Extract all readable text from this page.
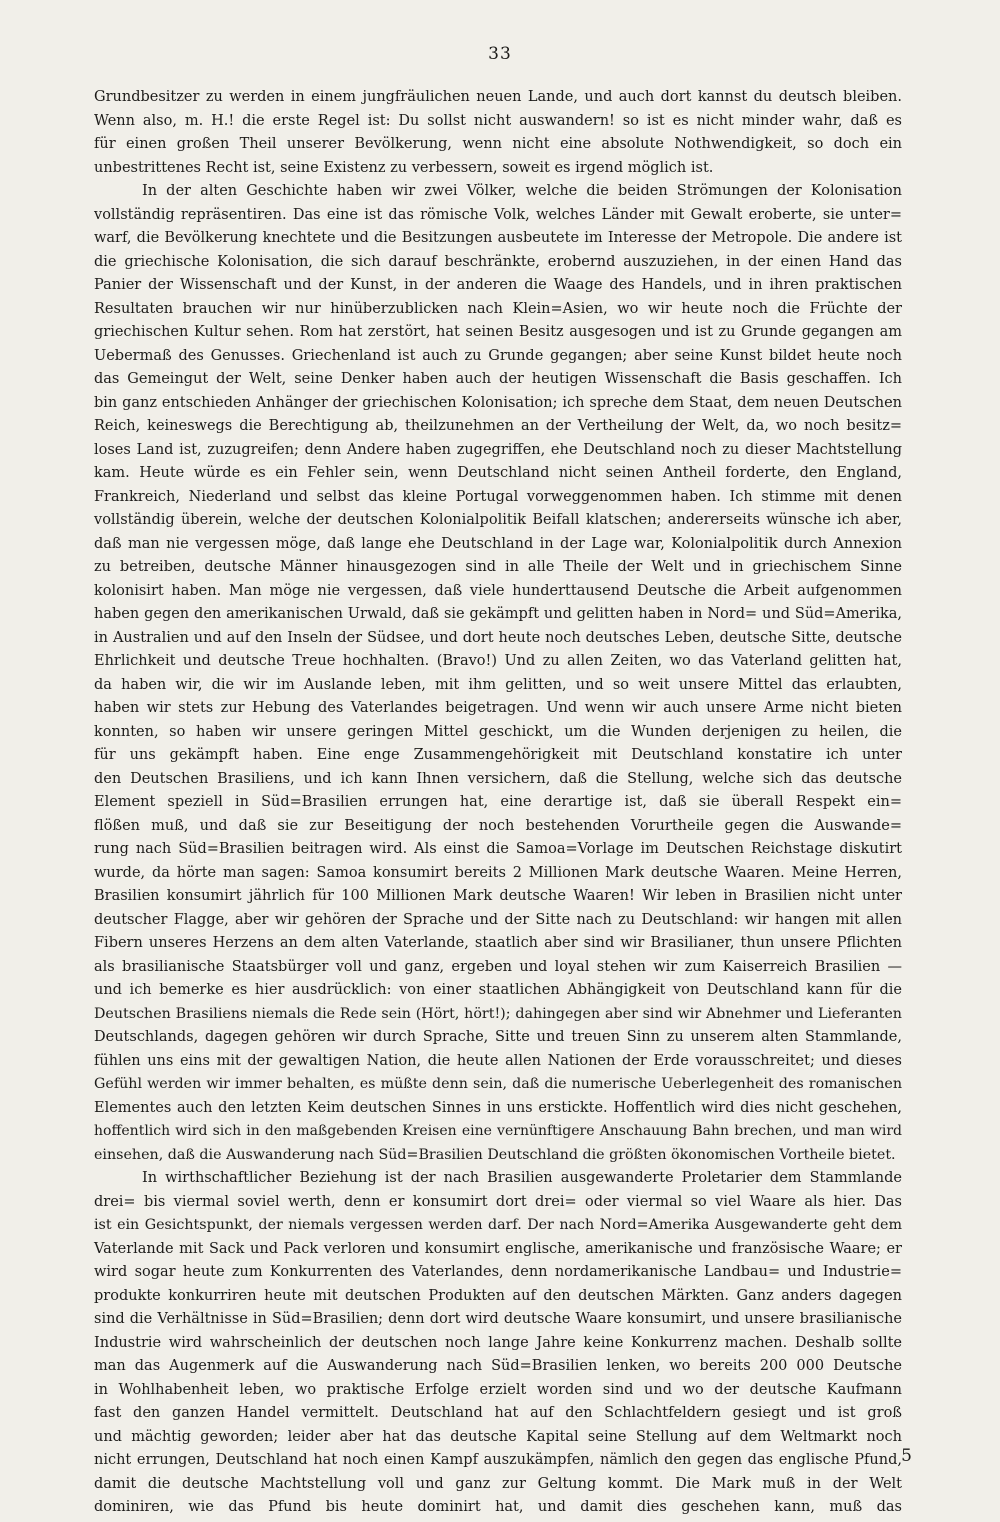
33
Grundbesitzer zu werden in einem jungfräulichen neuen Lande, und auch dort kannst du deutsch bleiben.
Wenn also, m. H.! die erste Regel ist: Du sollst nicht auswandern! so ist es nicht minder wahr, daß es
für einen großen Theil unserer Bevölkerung, wenn nicht eine absolute Nothwendigkeit, so doch ein
unbestrittenes Recht ist, seine Existenz zu verbessern, soweit es irgend möglich ist.
In der alten Geschichte haben wir zwei Völker, welche die beiden Strömungen der Kolonisation
vollständig repräsentiren. Das eine ist das römische Volk, welches Länder mit Gewalt eroberte, sie unter=
warf, die Bevölkerung knechtete und die Besitzungen ausbeutete im Interesse der Metropole. Die andere ist
die griechische Kolonisation, die sich darauf beschränkte, erobernd auszuziehen, in der einen Hand das
Panier der Wissenschaft und der Kunst, in der anderen die Waage des Handels, und in ihren praktischen
Resultaten brauchen wir nur hinüberzublicken nach Klein=Asien, wo wir heute noch die Früchte der
griechischen Kultur sehen. Rom hat zerstört, hat seinen Besitz ausgesogen und ist zu Grunde gegangen am
Uebermaß des Genusses. Griechenland ist auch zu Grunde gegangen; aber seine Kunst bildet heute noch
das Gemeingut der Welt, seine Denker haben auch der heutigen Wissenschaft die Basis geschaffen. Ich
bin ganz entschieden Anhänger der griechischen Kolonisation; ich spreche dem Staat, dem neuen Deutschen
Reich, keineswegs die Berechtigung ab, theilzunehmen an der Vertheilung der Welt, da, wo noch besitz=
loses Land ist, zuzugreifen; denn Andere haben zugegriffen, ehe Deutschland noch zu dieser Machtstellung
kam. Heute würde es ein Fehler sein, wenn Deutschland nicht seinen Antheil forderte, den England,
Frankreich, Niederland und selbst das kleine Portugal vorweggenommen haben. Ich stimme mit denen
vollständig überein, welche der deutschen Kolonialpolitik Beifall klatschen; andererseits wünsche ich aber,
daß man nie vergessen möge, daß lange ehe Deutschland in der Lage war, Kolonialpolitik durch Annexion
zu betreiben, deutsche Männer hinausgezogen sind in alle Theile der Welt und in griechischem Sinne
kolonisirt haben. Man möge nie vergessen, daß viele hunderttausend Deutsche die Arbeit aufgenommen
haben gegen den amerikanischen Urwald, daß sie gekämpft und gelitten haben in Nord= und Süd=Amerika,
in Australien und auf den Inseln der Südsee, und dort heute noch deutsches Leben, deutsche Sitte, deutsche
Ehrlichkeit und deutsche Treue hochhalten. (Bravo!) Und zu allen Zeiten, wo das Vaterland gelitten hat,
da haben wir, die wir im Auslande leben, mit ihm gelitten, und so weit unsere Mittel das erlaubten,
haben wir stets zur Hebung des Vaterlandes beigetragen. Und wenn wir auch unsere Arme nicht bieten
konnten, so haben wir unsere geringen Mittel geschickt, um die Wunden derjenigen zu heilen, die
für uns gekämpft haben. Eine enge Zusammengehörigkeit mit Deutschland konstatire ich unter
den Deutschen Brasiliens, und ich kann Ihnen versichern, daß die Stellung, welche sich das deutsche
Element speziell in Süd=Brasilien errungen hat, eine derartige ist, daß sie überall Respekt ein=
flößen muß, und daß sie zur Beseitigung der noch bestehenden Vorurtheile gegen die Auswande=
rung nach Süd=Brasilien beitragen wird. Als einst die Samoa=Vorlage im Deutschen Reichstage diskutirt
wurde, da hörte man sagen: Samoa konsumirt bereits 2 Millionen Mark deutsche Waaren. Meine Herren,
Brasilien konsumirt jährlich für 100 Millionen Mark deutsche Waaren! Wir leben in Brasilien nicht unter
deutscher Flagge, aber wir gehören der Sprache und der Sitte nach zu Deutschland: wir hangen mit allen
Fibern unseres Herzens an dem alten Vaterlande, staatlich aber sind wir Brasilianer, thun unsere Pflichten
als brasilianische Staatsbürger voll und ganz, ergeben und loyal stehen wir zum Kaiserreich Brasilien —
und ich bemerke es hier ausdrücklich: von einer staatlichen Abhängigkeit von Deutschland kann für die
Deutschen Brasiliens niemals die Rede sein (Hört, hört!); dahingegen aber sind wir Abnehmer und Lieferanten
Deutschlands, dagegen gehören wir durch Sprache, Sitte und treuen Sinn zu unserem alten Stammlande,
fühlen uns eins mit der gewaltigen Nation, die heute allen Nationen der Erde vorausschreitet; und dieses
Gefühl werden wir immer behalten, es müßte denn sein, daß die numerische Ueberlegenheit des romanischen
Elementes auch den letzten Keim deutschen Sinnes in uns erstickte. Hoffentlich wird dies nicht geschehen,
hoffentlich wird sich in den maßgebenden Kreisen eine vernünftigere Anschauung Bahn brechen, und man wird
einsehen, daß die Auswanderung nach Süd=Brasilien Deutschland die größten ökonomischen Vortheile bietet.
In wirthschaftlicher Beziehung ist der nach Brasilien ausgewanderte Proletarier dem Stammlande
drei= bis viermal soviel werth, denn er konsumirt dort drei= oder viermal so viel Waare als hier. Das
ist ein Gesichtspunkt, der niemals vergessen werden darf. Der nach Nord=Amerika Ausgewanderte geht dem
Vaterlande mit Sack und Pack verloren und konsumirt englische, amerikanische und französische Waare; er
wird sogar heute zum Konkurrenten des Vaterlandes, denn nordamerikanische Landbau= und Industrie=
produkte konkurriren heute mit deutschen Produkten auf den deutschen Märkten. Ganz anders dagegen
sind die Verhältnisse in Süd=Brasilien; denn dort wird deutsche Waare konsumirt, und unsere brasilianische
Industrie wird wahrscheinlich der deutschen noch lange Jahre keine Konkurrenz machen. Deshalb sollte
man das Augenmerk auf die Auswanderung nach Süd=Brasilien lenken, wo bereits 200 000 Deutsche
in Wohlhabenheit leben, wo praktische Erfolge erzielt worden sind und wo der deutsche Kaufmann
fast den ganzen Handel vermittelt. Deutschland hat auf den Schlachtfeldern gesiegt und ist groß
und mächtig geworden; leider aber hat das deutsche Kapital seine Stellung auf dem Weltmarkt noch
nicht errungen, Deutschland hat noch einen Kampf auszukämpfen, nämlich den gegen das englische Pfund,
damit die deutsche Machtstellung voll und ganz zur Geltung kommt. Die Mark muß in der Welt
dominiren, wie das Pfund bis heute dominirt hat, und damit dies geschehen kann, muß das
5
